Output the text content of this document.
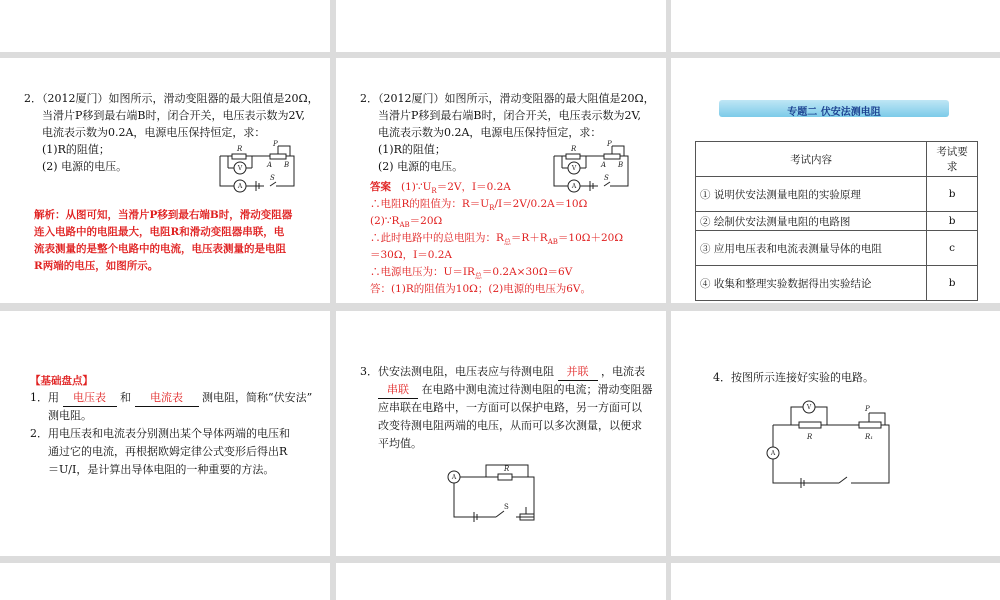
2．（2012厦门）如图所示，滑动变阻器的最大阻值是20Ω，
当滑片P移到最右端B时，闭合开关，电压表示数为2V,
电流表示数为0.2A，电源电压保持恒定，求：
(1)R的阻值；
(2) 电源的电压。
R
P
A B
S
V
A
解析：从图可知，当滑片P移到最右端B时，滑动变阻器
连入电路中的电阻最大，电阻R和滑动变阻器串联，电
流表测量的是整个电路中的电流，电压表测量的是电阻
R两端的电压，如图所示。
2．（2012厦门）如图所示，滑动变阻器的最大阻值是20Ω，
当滑片P移到最右端B时，闭合开关，电压表示数为2V,
电流表示数为0.2A，电源电压保持恒定，求：
(1)R的阻值；
(2) 电源的电压。
R
P
A B
S
V
A
答案 $(1)\because U_R=2V$，I＝0.2A
∴电阻R的阻值为：$R=U_R/I=2V/0.2A=10\Omega$
$(2)\because R_{AB}=20\Omega$
∴此时电路中的总电阻为：$R_总=R+R_{AB}=10\Omega+20\Omega$
＝30Ω，I＝0.2A
∴电源电压为：$U=IR_总=0.2A\times 30\Omega=6V$
答：(1)R的阻值为10Ω；(2)电源的电压为6V。
专题二 伏安法测电阻
考试内容	考试要求
① 说明伏安法测量电阻的实验原理	b
② 绘制伏安法测量电阻的电路图	b
③ 应用电压表和电流表测量导体的电阻	c
④ 收集和整理实验数据得出实验结论	b
【基础盘点】
1．用 电压表 和 电流表 测电阻，简称“伏安法”
测电阻。
2．用电压表和电流表分别测出某个导体两端的电压和
通过它的电流，再根据欧姆定律公式变形后得出R
＝U/I，是计算出导体电阻的一种重要的方法。
3．伏安法测电阻，电压表应与待测电阻 并联 ，电流表
串联 在电路中测电流过待测电阻的电流；滑动变阻器
应串联在电路中，一方面可以保护电路，另一方面可以
改变待测电阻两端的电压，从而可以多次测量，以便求
平均值。
A
R
S
4．按图所示连接好实验的电路。
V
A
R
P
R₁
